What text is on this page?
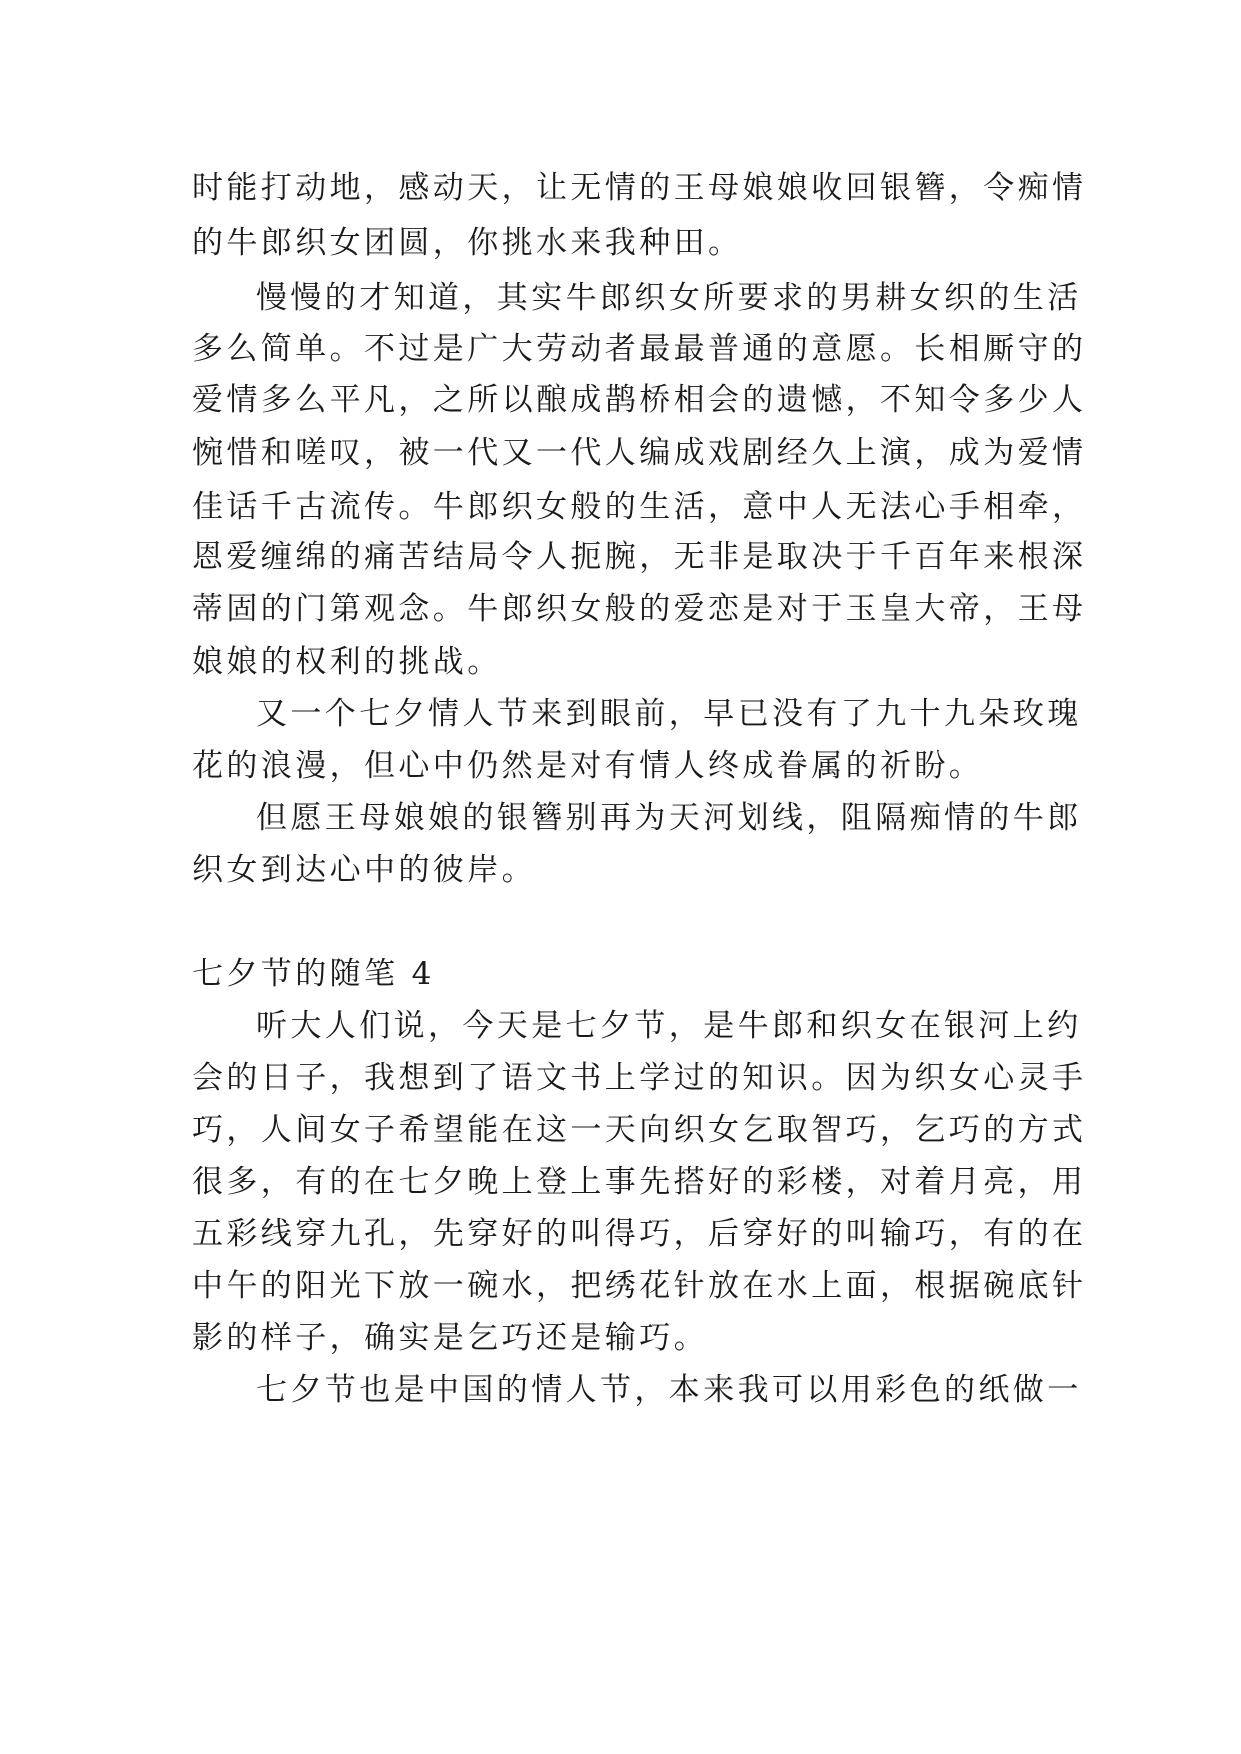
时能打动地，感动天，让无情的王母娘娘收回银簪，令痴情
的牛郎织女团圆，你挑水来我种田。
慢慢的才知道，其实牛郎织女所要求的男耕女织的生活
多么简单。不过是广大劳动者最最普通的意愿。长相厮守的
爱情多么平凡，之所以酿成鹊桥相会的遗憾，不知令多少人
惋惜和嗟叹，被一代又一代人编成戏剧经久上演，成为爱情
佳话千古流传。牛郎织女般的生活，意中人无法心手相牵，
恩爱缠绵的痛苦结局令人扼腕，无非是取决于千百年来根深
蒂固的门第观念。牛郎织女般的爱恋是对于玉皇大帝，王母
娘娘的权利的挑战。
又一个七夕情人节来到眼前，早已没有了九十九朵玫瑰
花的浪漫，但心中仍然是对有情人终成眷属的祈盼。
但愿王母娘娘的银簪别再为天河划线，阻隔痴情的牛郎
织女到达心中的彼岸。
七夕节的随笔 4
听大人们说，今天是七夕节，是牛郎和织女在银河上约
会的日子，我想到了语文书上学过的知识。因为织女心灵手
巧，人间女子希望能在这一天向织女乞取智巧，乞巧的方式
很多，有的在七夕晚上登上事先搭好的彩楼，对着月亮，用
五彩线穿九孔，先穿好的叫得巧，后穿好的叫输巧，有的在
中午的阳光下放一碗水，把绣花针放在水上面，根据碗底针
影的样子，确实是乞巧还是输巧。
七夕节也是中国的情人节，本来我可以用彩色的纸做一
